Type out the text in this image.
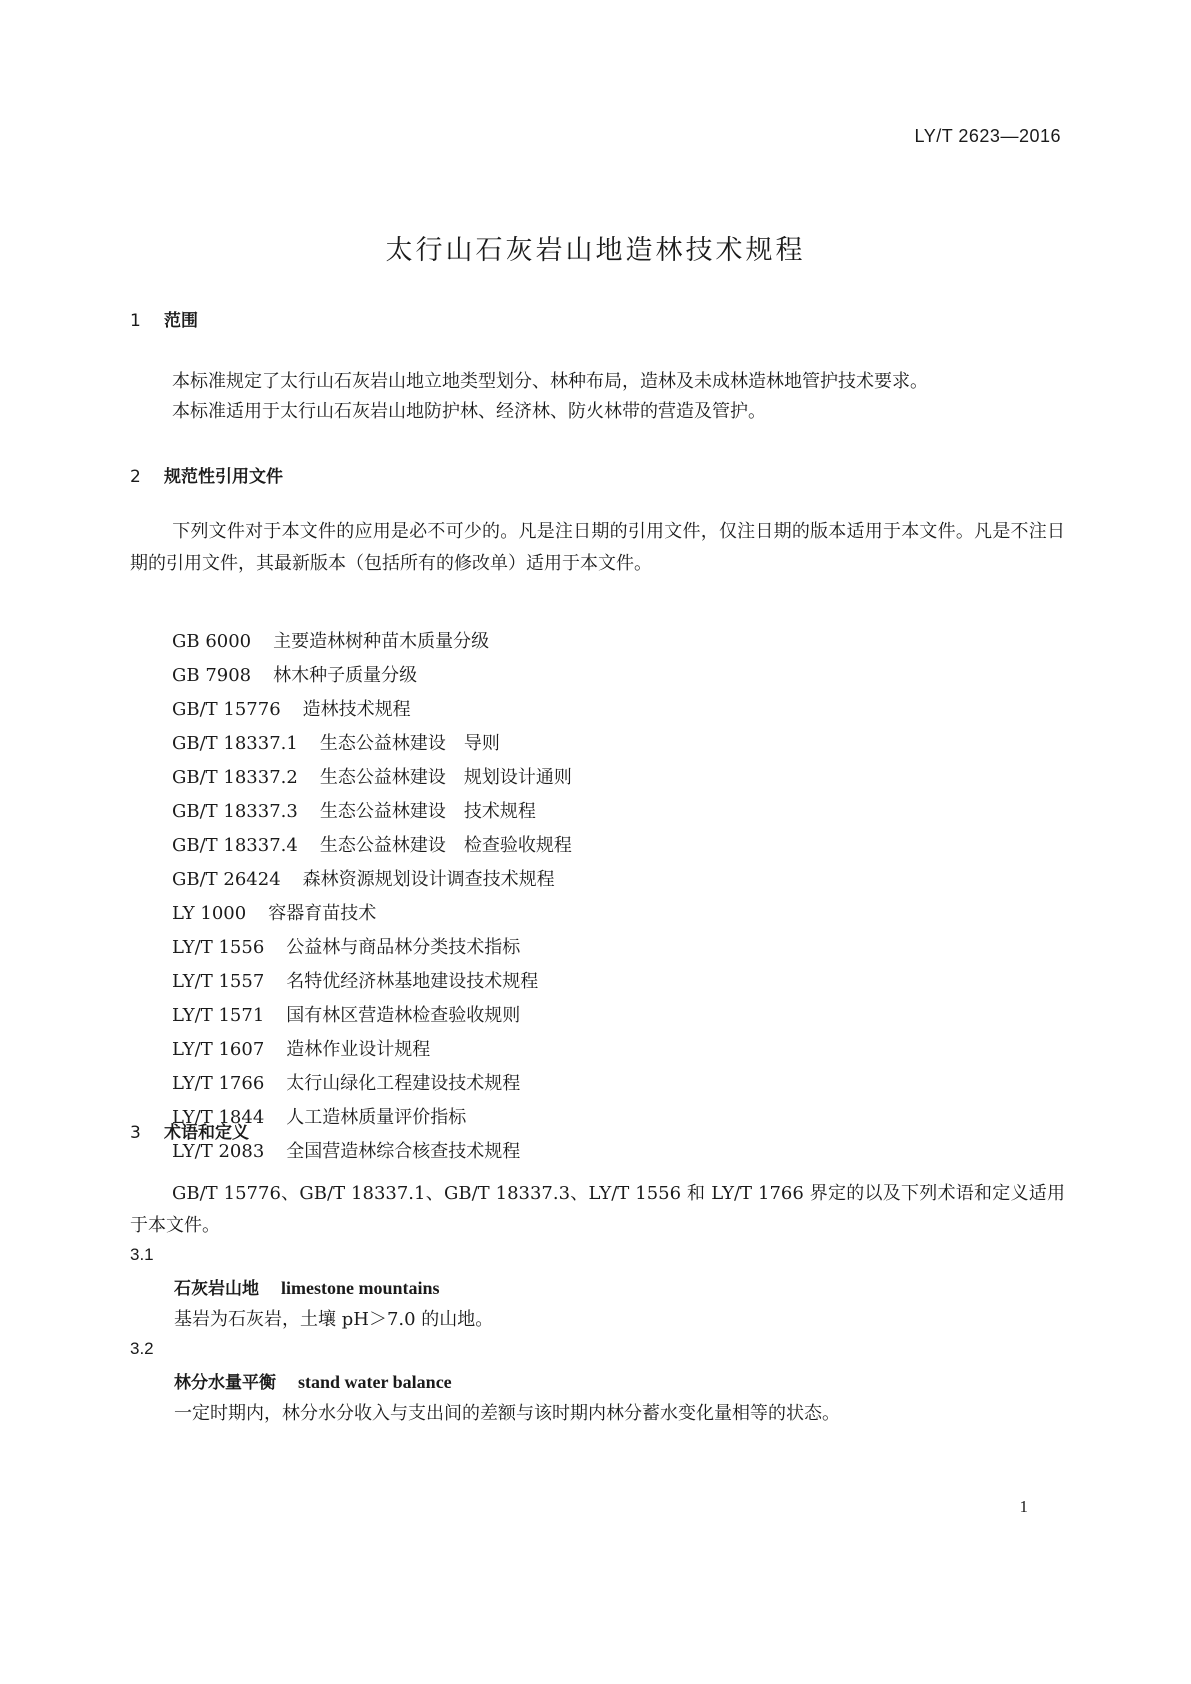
LY/T 2623—2016
太行山石灰岩山地造林技术规程
1 范围

本标准规定了太行山石灰岩山地立地类型划分、林种布局，造林及未成林造林地管护技术要求。

本标准适用于太行山石灰岩山地防护林、经济林、防火林带的营造及管护。

2 规范性引用文件

下列文件对于本文件的应用是必不可少的。凡是注日期的引用文件，仅注日期的版本适用于本文件。凡是不注日期的引用文件，其最新版本（包括所有的修改单）适用于本文件。

GB 6000 主要造林树种苗木质量分级
GB 7908 林木种子质量分级
GB/T 15776 造林技术规程
GB/T 18337.1 生态公益林建设　导则
GB/T 18337.2 生态公益林建设　规划设计通则
GB/T 18337.3 生态公益林建设　技术规程
GB/T 18337.4 生态公益林建设　检查验收规程
GB/T 26424 森林资源规划设计调查技术规程
LY 1000 容器育苗技术
LY/T 1556 公益林与商品林分类技术指标
LY/T 1557 名特优经济林基地建设技术规程
LY/T 1571 国有林区营造林检查验收规则
LY/T 1607 造林作业设计规程
LY/T 1766 太行山绿化工程建设技术规程
LY/T 1844 人工造林质量评价指标
LY/T 2083 全国营造林综合核查技术规程
3 术语和定义

GB/T 15776、GB/T 18337.1、GB/T 18337.3、LY/T 1556 和 LY/T 1766 界定的以及下列术语和定义适用于本文件。

3.1
石灰岩山地 limestone mountains
基岩为石灰岩，土壤 pH＞7.0 的山地。
3.2
林分水量平衡 stand water balance
一定时期内，林分水分收入与支出间的差额与该时期内林分蓄水变化量相等的状态。
1
